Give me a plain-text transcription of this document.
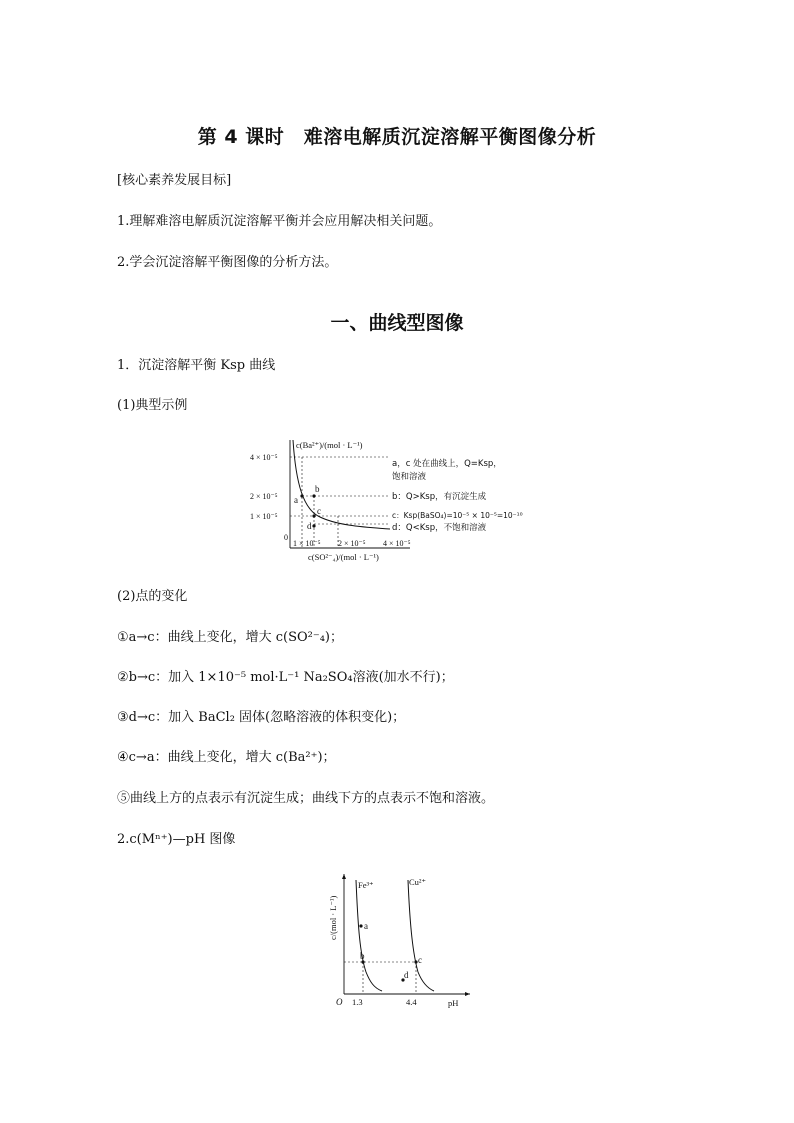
第 4 课时　难溶电解质沉淀溶解平衡图像分析
[核心素养发展目标]
1.理解难溶电解质沉淀溶解平衡并会应用解决相关问题。
2.学会沉淀溶解平衡图像的分析方法。
一、曲线型图像
1．沉淀溶解平衡 Ksp 曲线
(1)典型示例
a
b
c
d
c(Ba²⁺)/(mol · L⁻¹)
c(SO²⁻₄)/(mol · L⁻¹)
4 × 10⁻⁵
2 × 10⁻⁵
1 × 10⁻⁵
0
1 × 10⁻⁵ 2 × 10⁻⁵ 4 × 10⁻⁵
a，c 处在曲线上，Q=Ksp，
饱和溶液
b：Q>Ksp，有沉淀生成
c：Ksp(BaSO₄)=10⁻⁵ × 10⁻⁵=10⁻¹⁰
d：Q<Ksp，不饱和溶液
(2)点的变化
①a→c：曲线上变化，增大 c(SO²⁻₄)；
②b→c：加入 1×10⁻⁵ mol·L⁻¹ Na₂SO₄溶液(加水不行)；
③d→c：加入 BaCl₂ 固体(忽略溶液的体积变化)；
④c→a：曲线上变化，增大 c(Ba²⁺)；
⑤曲线上方的点表示有沉淀生成；曲线下方的点表示不饱和溶液。
2.c(Mⁿ⁺)—pH 图像
a
b	c
d
Fe³⁺	Cu²⁺
O 1.3	4.4	pH
c/(mol · L⁻¹)
